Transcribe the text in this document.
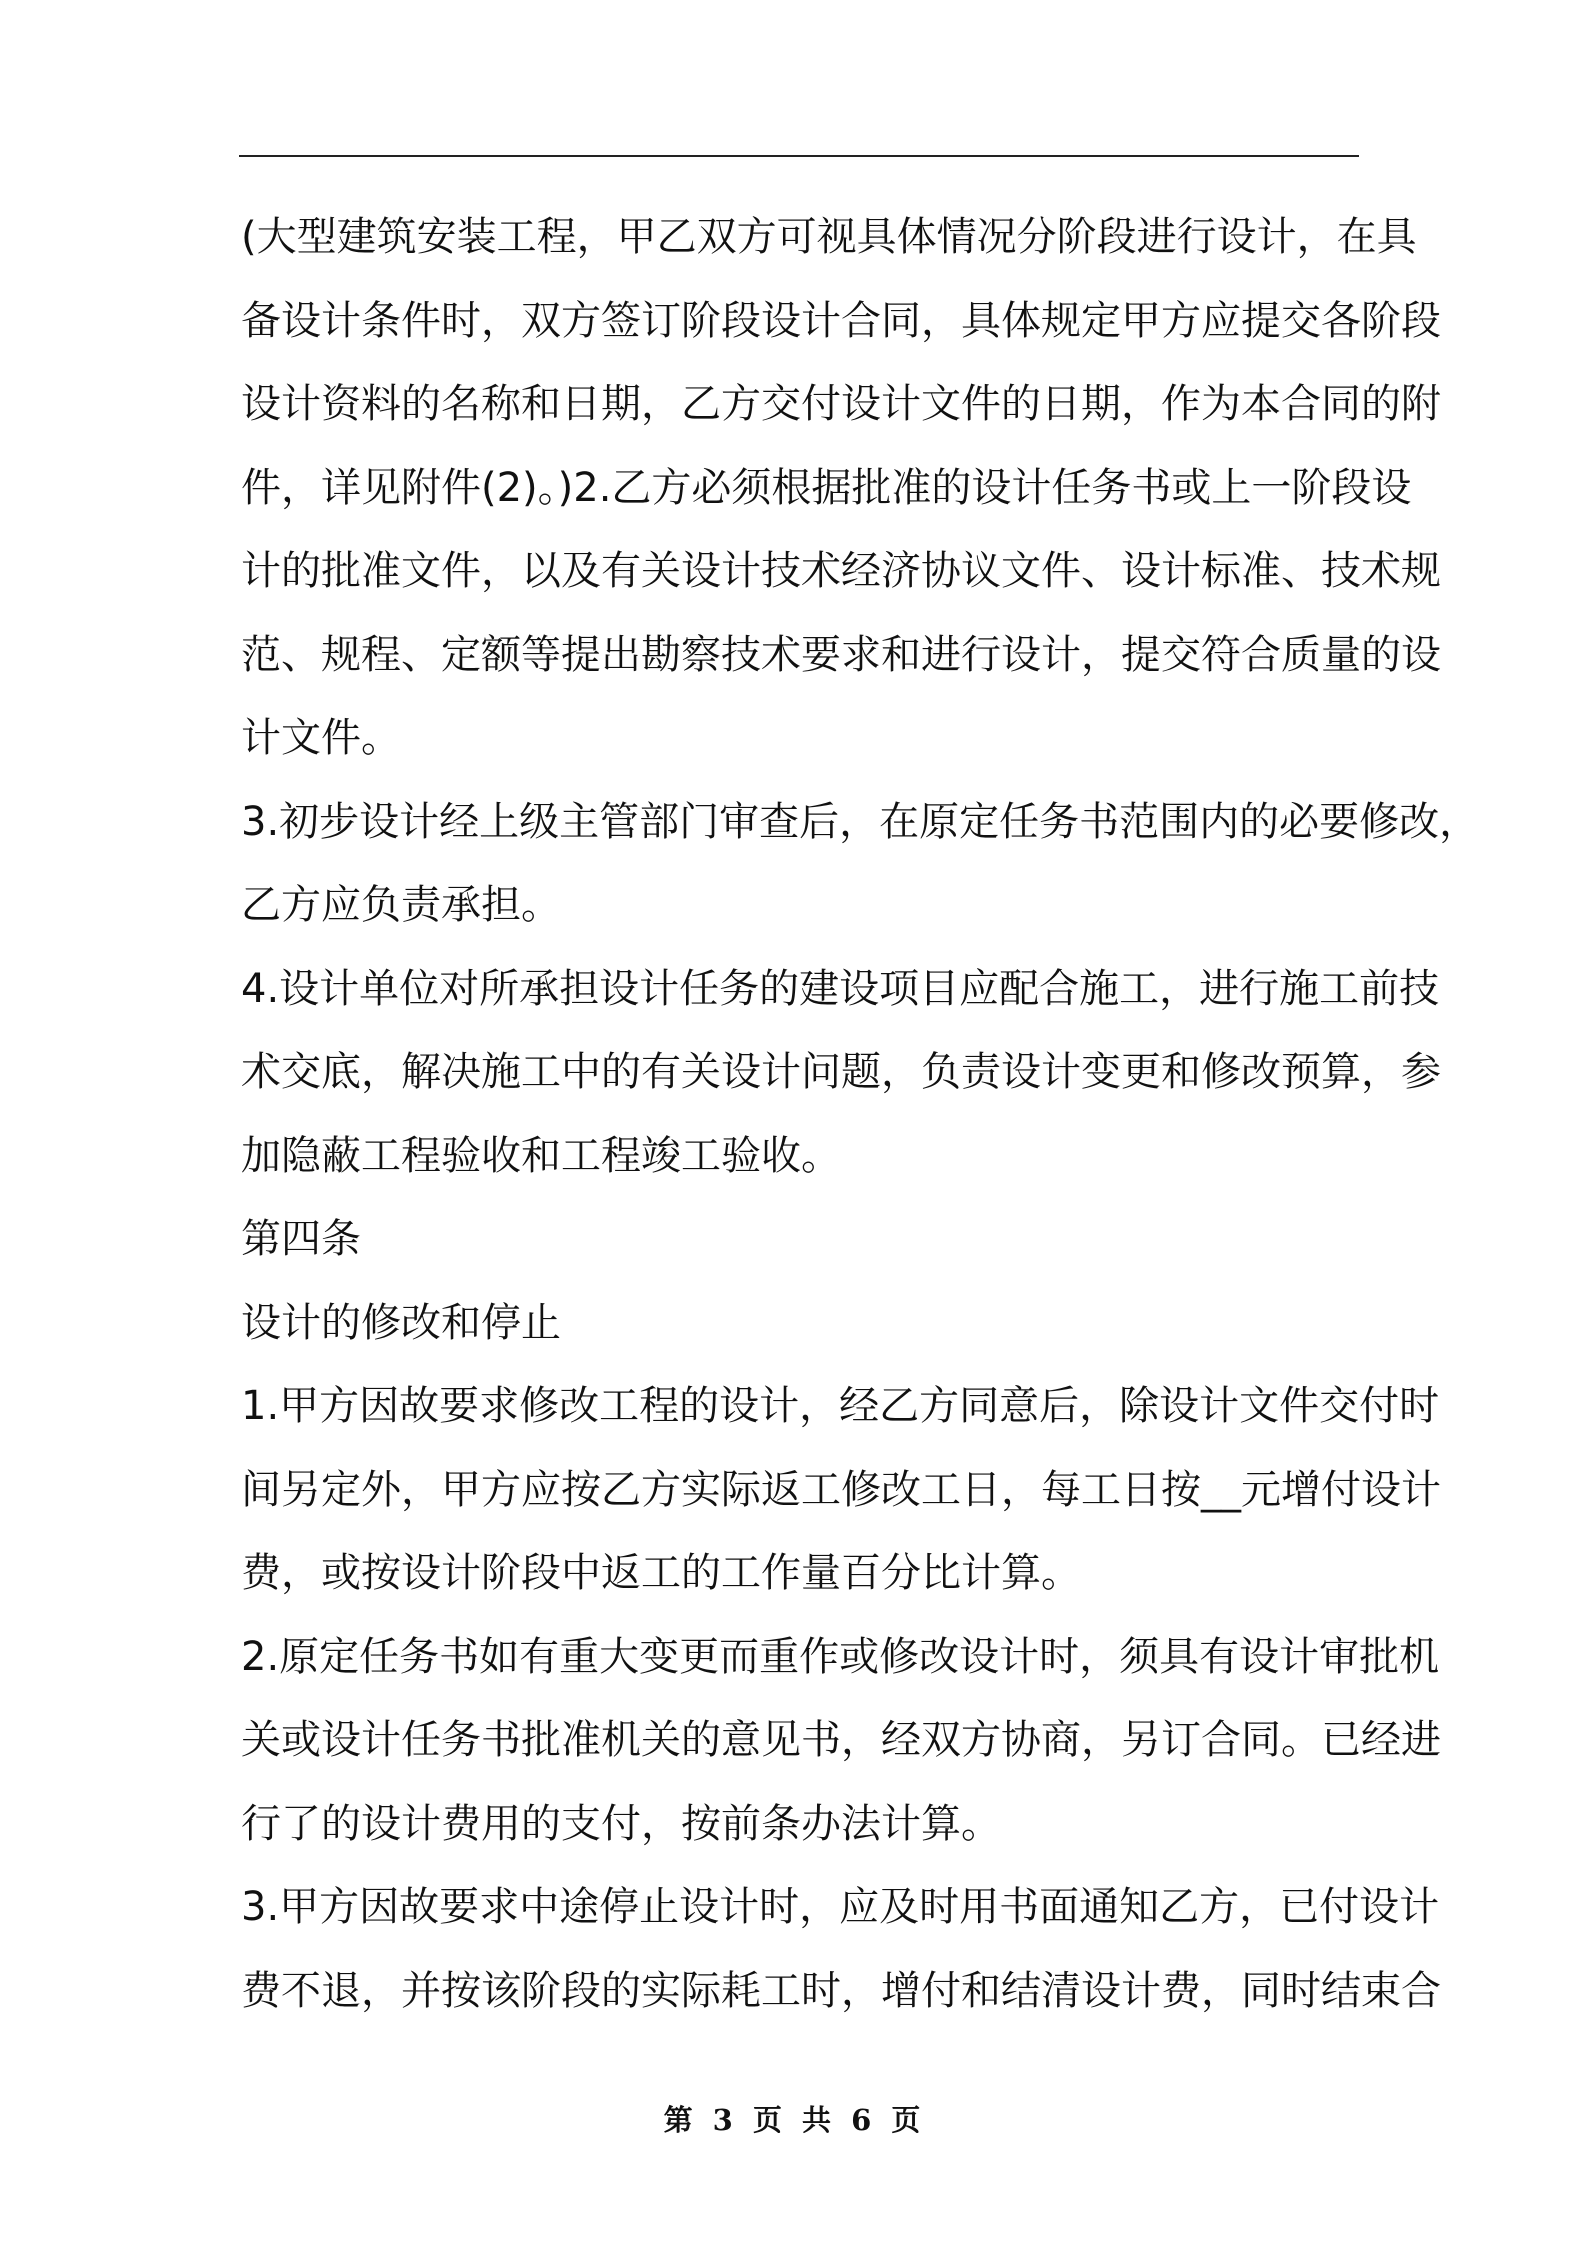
(大型建筑安装工程，甲乙双方可视具体情况分阶段进行设计，在具
备设计条件时，双方签订阶段设计合同，具体规定甲方应提交各阶段
设计资料的名称和日期，乙方交付设计文件的日期，作为本合同的附
件，详见附件(2)。)2.乙方必须根据批准的设计任务书或上一阶段设
计的批准文件，以及有关设计技术经济协议文件、设计标准、技术规
范、规程、定额等提出勘察技术要求和进行设计，提交符合质量的设
计文件。
3.初步设计经上级主管部门审查后，在原定任务书范围内的必要修改，
乙方应负责承担。
4.设计单位对所承担设计任务的建设项目应配合施工，进行施工前技
术交底，解决施工中的有关设计问题，负责设计变更和修改预算，参
加隐蔽工程验收和工程竣工验收。
第四条
设计的修改和停止
1.甲方因故要求修改工程的设计，经乙方同意后，除设计文件交付时
间另定外，甲方应按乙方实际返工修改工日，每工日按__元增付设计
费，或按设计阶段中返工的工作量百分比计算。
2.原定任务书如有重大变更而重作或修改设计时，须具有设计审批机
关或设计任务书批准机关的意见书，经双方协商，另订合同。已经进
行了的设计费用的支付，按前条办法计算。
3.甲方因故要求中途停止设计时，应及时用书面通知乙方，已付设计
费不退，并按该阶段的实际耗工时，增付和结清设计费，同时结束合
第 3 页 共 6 页
